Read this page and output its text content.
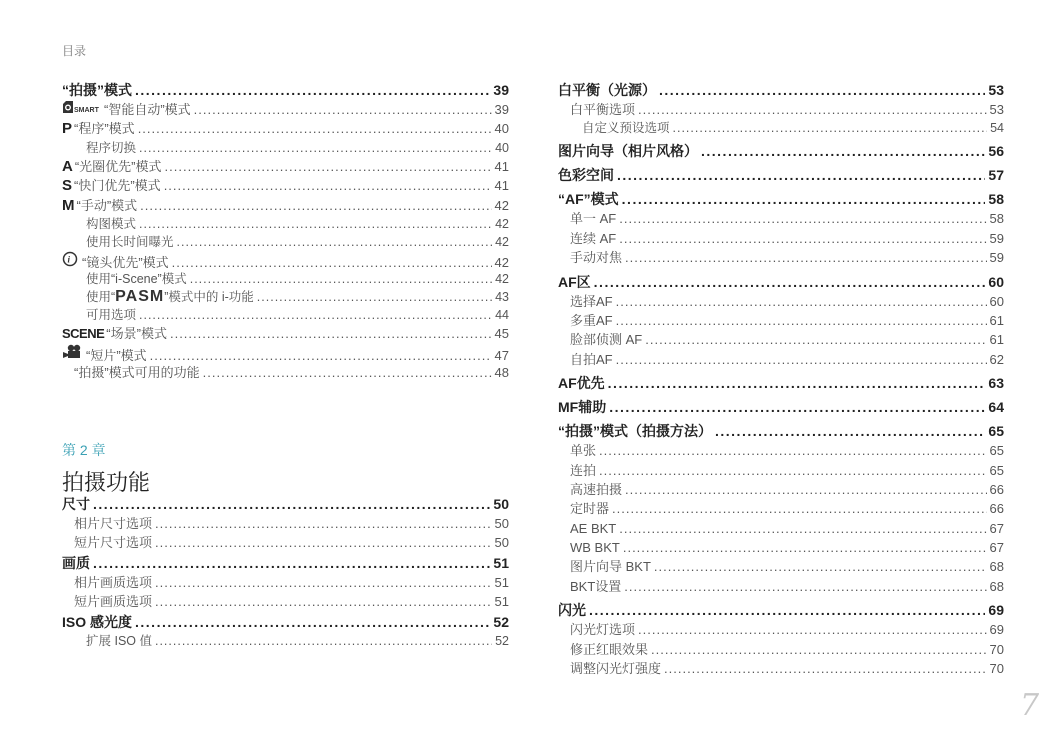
目录
“拍摄”模式 .....	39
SMART “智能自动”模式 .....	39
P “程序”模式 .....	40
程序切换 .....	40
A “光圈优先”模式 .....	41
S “快门优先”模式 .....	41
M “手动”模式 .....	42
构图模式 .....	42
使用长时间曝光 .....	42
i “镜头优先”模式 .....	42
使用“i-Scene”模式 .....	42
使用“ PASM ”模式中的 i-功能 .....	43
可用选项 .....	44
SCENE “场景”模式 .....	45
“短片”模式 .....	47
“拍摄”模式可用的功能 .....	48
第 2 章
拍摄功能
尺寸 .....	50
相片尺寸选项 .....	50
短片尺寸选项 .....	50
画质 .....	51
相片画质选项 .....	51
短片画质选项 .....	51
ISO 感光度 .....	52
扩展 ISO 值 .....	52
白平衡（光源） .....	53
白平衡选项 .....	53
自定义预设选项 .....	54
图片向导（相片风格） .....	56
色彩空间 .....	57
“AF”模式 .....	58
单一 AF .....	58
连续 AF .....	59
手动对焦 .....	59
AF区 .....	60
选择AF .....	60
多重AF .....	61
脸部侦测 AF .....	61
自拍AF .....	62
AF优先 .....	63
MF辅助 .....	64
“拍摄”模式（拍摄方法） .....	65
单张 .....	65
连拍 .....	65
高速拍摄 .....	66
定时器 .....	66
AE BKT .....	67
WB BKT .....	67
图片向导 BKT .....	68
BKT设置 .....	68
闪光 .....	69
闪光灯选项 .....	69
修正红眼效果 .....	70
调整闪光灯强度 .....	70
7
